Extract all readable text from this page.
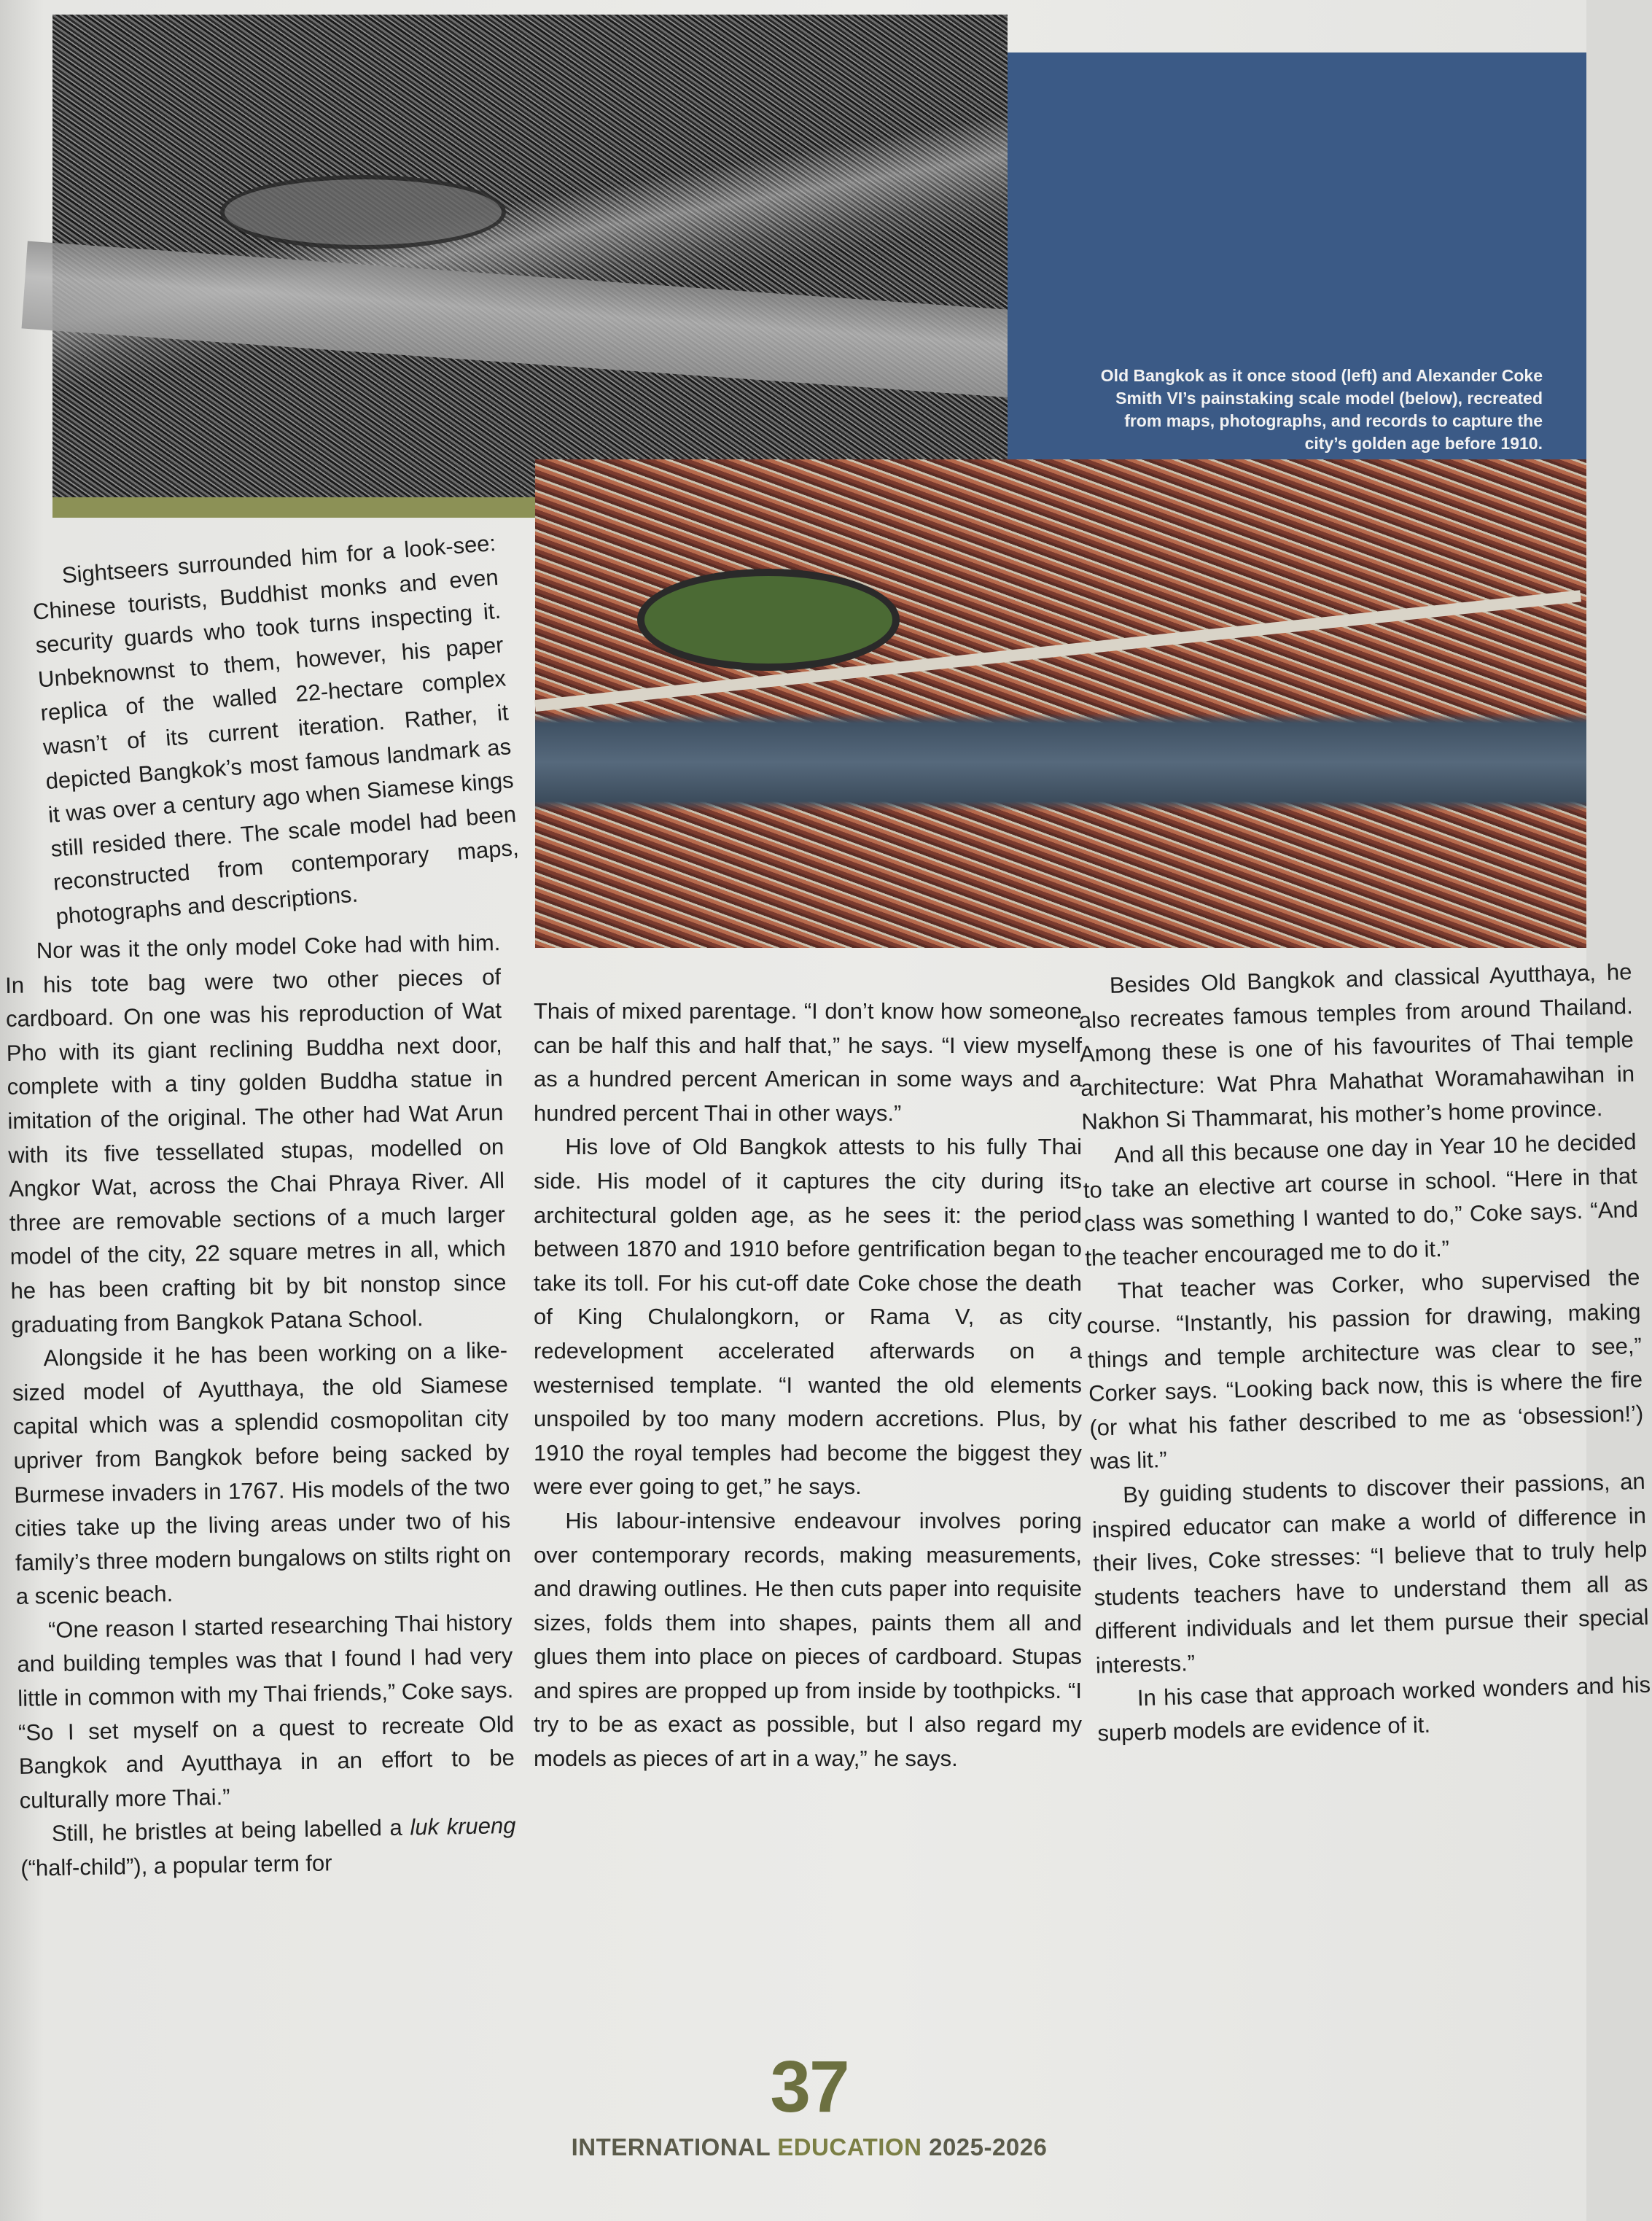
Old Bangkok as it once stood (left) and Alexander Coke Smith VI’s painstaking scale model (below), recreated from maps, photographs, and records to capture the city’s golden age before 1910.

Sightseers surrounded him for a look-see: Chinese tourists, Buddhist monks and even security guards who took turns inspecting it. Unbeknownst to them, however, his paper replica of the walled 22-hectare complex wasn’t of its current iteration. Rather, it depicted Bangkok’s most famous landmark as it was over a century ago when Siamese kings still resided there. The scale model had been reconstructed from contemporary maps, photographs and descriptions.

Nor was it the only model Coke had with him. In his tote bag were two other pieces of cardboard. On one was his reproduction of Wat Pho with its giant reclining Buddha next door, complete with a tiny golden Buddha statue in imitation of the original. The other had Wat Arun with its five tessellated stupas, modelled on Angkor Wat, across the Chai Phraya River. All three are removable sections of a much larger model of the city, 22 square metres in all, which he has been crafting bit by bit nonstop since graduating from Bangkok Patana School.

Alongside it he has been working on a like-sized model of Ayutthaya, the old Siamese capital which was a splendid cosmopolitan city upriver from Bangkok before being sacked by Burmese invaders in 1767. His models of the two cities take up the living areas under two of his family’s three modern bungalows on stilts right on a scenic beach.

“One reason I started researching Thai history and building temples was that I found I had very little in common with my Thai friends,” Coke says. “So I set myself on a quest to recreate Old Bangkok and Ayutthaya in an effort to be culturally more Thai.”

Still, he bristles at being labelled a luk krueng (“half-child”), a popular term for

Thais of mixed parentage. “I don’t know how someone can be half this and half that,” he says. “I view myself as a hundred percent American in some ways and a hundred percent Thai in other ways.”

His love of Old Bangkok attests to his fully Thai side. His model of it captures the city during its architectural golden age, as he sees it: the period between 1870 and 1910 before gentrification began to take its toll. For his cut-off date Coke chose the death of King Chulalongkorn, or Rama V, as city redevelopment accelerated afterwards on a westernised template. “I wanted the old elements unspoiled by too many modern accretions. Plus, by 1910 the royal temples had become the biggest they were ever going to get,” he says.

His labour-intensive endeavour involves poring over contemporary records, making measurements, and drawing outlines. He then cuts paper into requisite sizes, folds them into shapes, paints them all and glues them into place on pieces of cardboard. Stupas and spires are propped up from inside by toothpicks. “I try to be as exact as possible, but I also regard my models as pieces of art in a way,” he says.

Besides Old Bangkok and classical Ayutthaya, he also recreates famous temples from around Thailand. Among these is one of his favourites of Thai temple architecture: Wat Phra Mahathat Woramahawihan in Nakhon Si Thammarat, his mother’s home province.

And all this because one day in Year 10 he decided to take an elective art course in school. “Here in that class was something I wanted to do,” Coke says. “And the teacher encouraged me to do it.”

That teacher was Corker, who supervised the course. “Instantly, his passion for drawing, making things and temple architecture was clear to see,” Corker says. “Looking back now, this is where the fire (or what his father described to me as ‘obsession!’) was lit.”

By guiding students to discover their passions, an inspired educator can make a world of difference in their lives, Coke stresses: “I believe that to truly help students teachers have to understand them all as different individuals and let them pursue their special interests.”

In his case that approach worked wonders and his superb models are evidence of it.

37
INTERNATIONAL EDUCATION 2025-2026
